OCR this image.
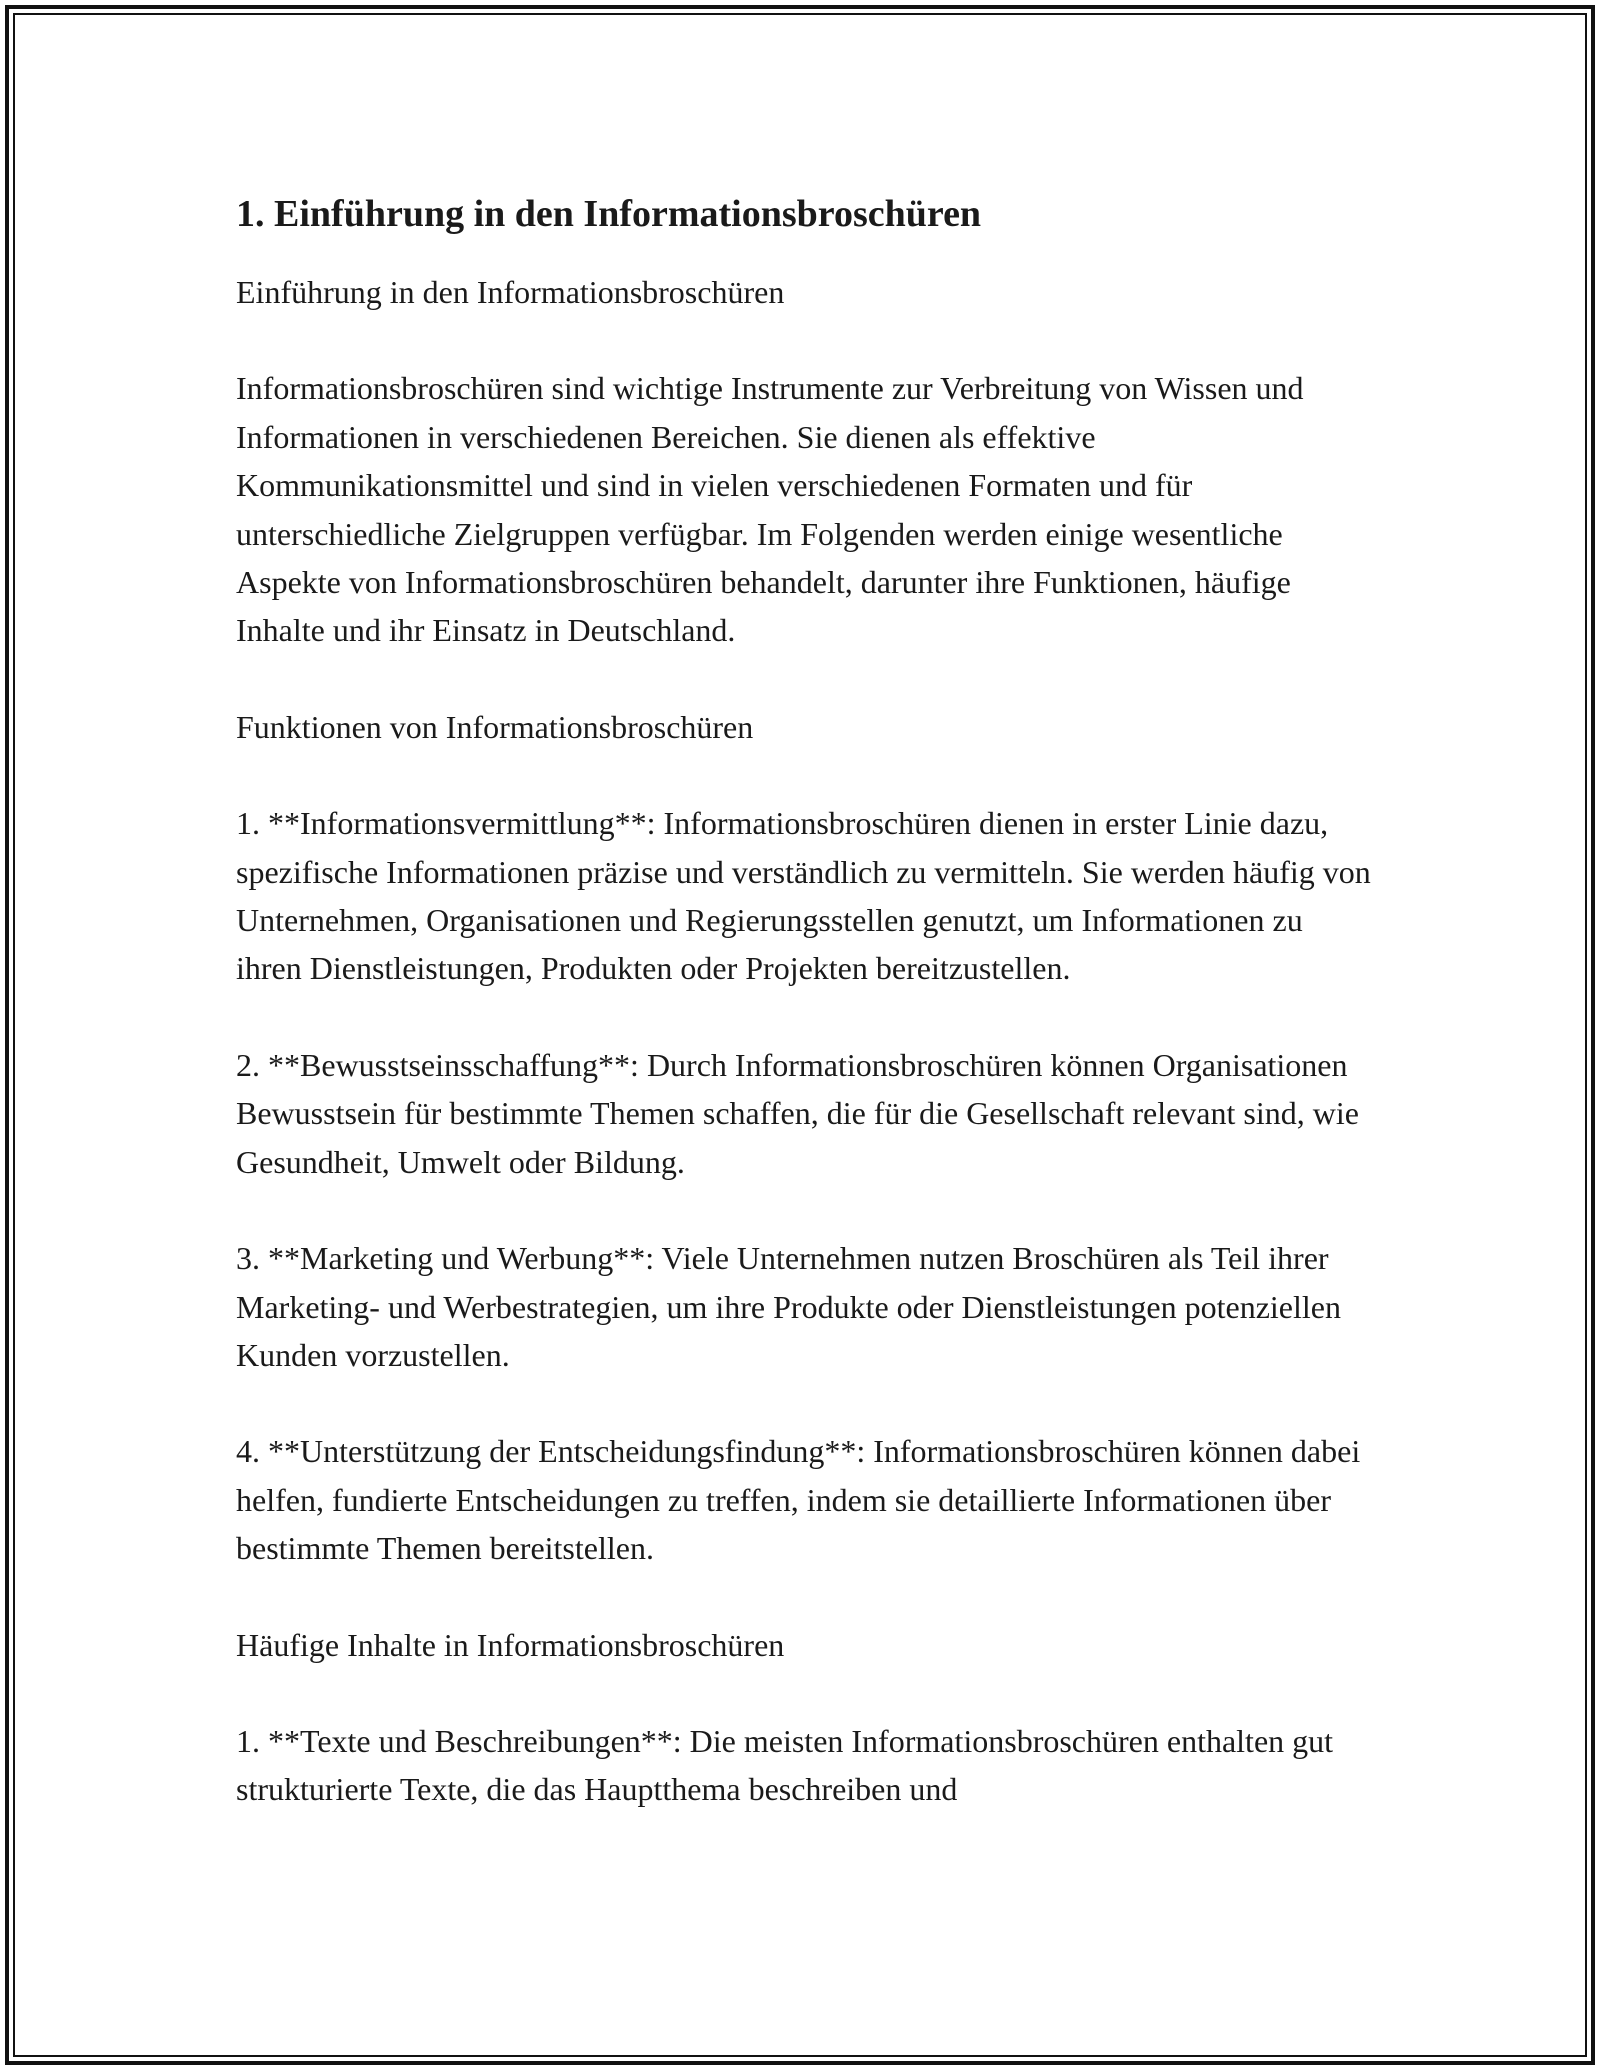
1. Einführung in den Informationsbroschüren

Einführung in den Informationsbroschüren

Informationsbroschüren sind wichtige Instrumente zur Verbreitung von Wissen und Informationen in verschiedenen Bereichen. Sie dienen als effektive Kommunikationsmittel und sind in vielen verschiedenen Formaten und für unterschiedliche Zielgruppen verfügbar. Im Folgenden werden einige wesentliche Aspekte von Informationsbroschüren behandelt, darunter ihre Funktionen, häufige Inhalte und ihr Einsatz in Deutschland.

Funktionen von Informationsbroschüren

1. **Informationsvermittlung**: Informationsbroschüren dienen in erster Linie dazu, spezifische Informationen präzise und verständlich zu vermitteln. Sie werden häufig von Unternehmen, Organisationen und Regierungsstellen genutzt, um Informationen zu ihren Dienstleistungen, Produkten oder Projekten bereitzustellen.

2. **Bewusstseinsschaffung**: Durch Informationsbroschüren können Organisationen Bewusstsein für bestimmte Themen schaffen, die für die Gesellschaft relevant sind, wie Gesundheit, Umwelt oder Bildung.

3. **Marketing und Werbung**: Viele Unternehmen nutzen Broschüren als Teil ihrer Marketing- und Werbestrategien, um ihre Produkte oder Dienstleistungen potenziellen Kunden vorzustellen.

4. **Unterstützung der Entscheidungsfindung**: Informationsbroschüren können dabei helfen, fundierte Entscheidungen zu treffen, indem sie detaillierte Informationen über bestimmte Themen bereitstellen.

Häufige Inhalte in Informationsbroschüren

1. **Texte und Beschreibungen**: Die meisten Informationsbroschüren enthalten gut strukturierte Texte, die das Hauptthema beschreiben und
